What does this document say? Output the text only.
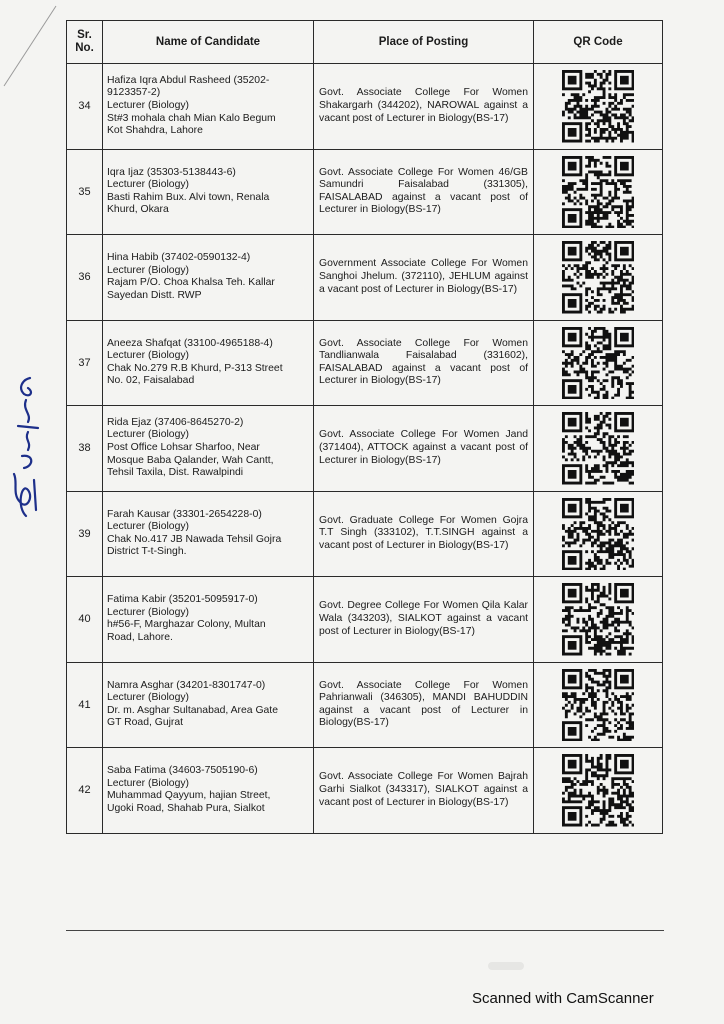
Sr.
No.	Name of Candidate	Place of Posting	QR Code
34	Hafiza Iqra Abdul Rasheed (35202-
9123357-2)
Lecturer (Biology)
St#3 mohala chah Mian Kalo Begum
Kot Shahdra, Lahore	Govt. Associate College For Women Shakargarh (344202), NAROWAL against a vacant post of Lecturer in Biology(BS-17)	

35	Iqra Ijaz (35303-5138443-6)
Lecturer (Biology)
Basti Rahim Bux. Alvi town, Renala
Khurd, Okara	Govt. Associate College For Women 46/GB Samundri Faisalabad (331305), FAISALABAD against a vacant post of Lecturer in Biology(BS-17)	

36	Hina Habib (37402-0590132-4)
Lecturer (Biology)
Rajam P/O. Choa Khalsa Teh. Kallar
Sayedan Distt. RWP	Government Associate College For Women Sanghoi Jhelum. (372110), JEHLUM against a vacant post of Lecturer in Biology(BS-17)	

37	Aneeza Shafqat (33100-4965188-4)
Lecturer (Biology)
Chak No.279 R.B Khurd, P-313 Street
No. 02, Faisalabad	Govt. Associate College For Women Tandlianwala Faisalabad (331602), FAISALABAD against a vacant post of Lecturer in Biology(BS-17)	

38	Rida Ejaz (37406-8645270-2)
Lecturer (Biology)
Post Office Lohsar Sharfoo, Near
Mosque Baba Qalander, Wah Cantt,
Tehsil Taxila, Dist. Rawalpindi	Govt. Associate College For Women Jand (371404), ATTOCK against a vacant post of Lecturer in Biology(BS-17)	

39	Farah Kausar (33301-2654228-0)
Lecturer (Biology)
Chak No.417 JB Nawada Tehsil Gojra
District T-t-Singh.	Govt. Graduate College For Women Gojra T.T Singh (333102), T.T.SINGH against a vacant post of Lecturer in Biology(BS-17)	

40	Fatima Kabir (35201-5095917-0)
Lecturer (Biology)
h#56-F, Marghazar Colony, Multan
Road, Lahore.	Govt. Degree College For Women Qila Kalar Wala (343203), SIALKOT against a vacant post of Lecturer in Biology(BS-17)	

41	Namra Asghar (34201-8301747-0)
Lecturer (Biology)
Dr. m. Asghar Sultanabad, Area Gate
GT Road, Gujrat	Govt. Associate College For Women Pahrianwali (346305), MANDI BAHUDDIN against a vacant post of Lecturer in Biology(BS-17)	

42	Saba Fatima (34603-7505190-6)
Lecturer (Biology)
Muhammad Qayyum, hajian Street,
Ugoki Road, Shahab Pura, Sialkot	Govt. Associate College For Women Bajrah Garhi Sialkot (343317), SIALKOT against a vacant post of Lecturer in Biology(BS-17)	
Scanned with CamScanner
